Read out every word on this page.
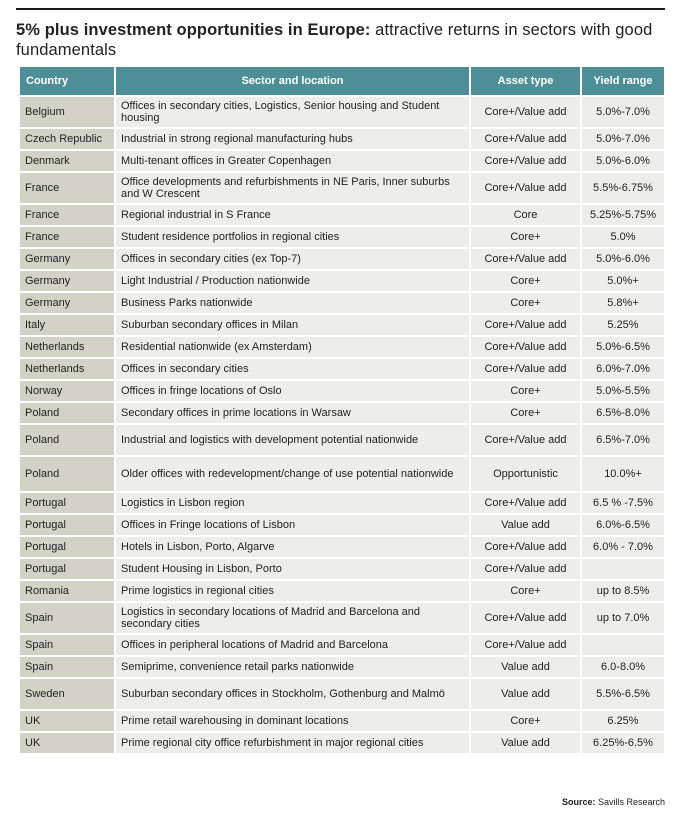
5% plus investment opportunities in Europe: attractive returns in sectors with good fundamentals
Country	Sector and location	Asset type	Yield range
Belgium	Offices in secondary cities, Logistics, Senior housing and Student housing	Core+/Value add	5.0%-7.0%
Czech Republic	Industrial in strong regional manufacturing hubs	Core+/Value add	5.0%-7.0%
Denmark	Multi-tenant offices in Greater Copenhagen	Core+/Value add	5.0%-6.0%
France	Office developments and refurbishments in NE Paris, Inner suburbs and W Crescent	Core+/Value add	5.5%-6.75%
France	Regional industrial in S France	Core	5.25%-5.75%
France	Student residence portfolios in regional cities	Core+	5.0%
Germany	Offices in secondary cities (ex Top-7)	Core+/Value add	5.0%-6.0%
Germany	Light Industrial / Production nationwide	Core+	5.0%+
Germany	Business Parks nationwide	Core+	5.8%+
Italy	Suburban secondary offices in Milan	Core+/Value add	5.25%
Netherlands	Residential nationwide (ex Amsterdam)	Core+/Value add	5.0%-6.5%
Netherlands	Offices in secondary cities	Core+/Value add	6.0%-7.0%
Norway	Offices in fringe locations of Oslo	Core+	5.0%-5.5%
Poland	Secondary offices in prime locations in Warsaw	Core+	6.5%-8.0%
Poland	Industrial and logistics with development potential nationwide	Core+/Value add	6.5%-7.0%
Poland	Older offices with redevelopment/change of use potential nationwide	Opportunistic	10.0%+
Portugal	Logistics in Lisbon region	Core+/Value add	6.5 % -7.5%
Portugal	Offices in Fringe locations of Lisbon	Value add	6.0%-6.5%
Portugal	Hotels in Lisbon, Porto, Algarve	Core+/Value add	6.0% - 7.0%
Portugal	Student Housing in Lisbon, Porto	Core+/Value add	
Romania	Prime logistics in regional cities	Core+	up to 8.5%
Spain	Logistics in secondary locations of Madrid and Barcelona and secondary cities	Core+/Value add	up to 7.0%
Spain	Offices in peripheral locations of Madrid and Barcelona	Core+/Value add	
Spain	Semiprime, convenience retail parks nationwide	Value add	6.0-8.0%
Sweden	Suburban secondary offices in Stockholm, Gothenburg and Malmö	Value add	5.5%-6.5%
UK	Prime retail warehousing in dominant locations	Core+	6.25%
UK	Prime regional city office refurbishment in major regional cities	Value add	6.25%-6.5%
Source: Savills Research
